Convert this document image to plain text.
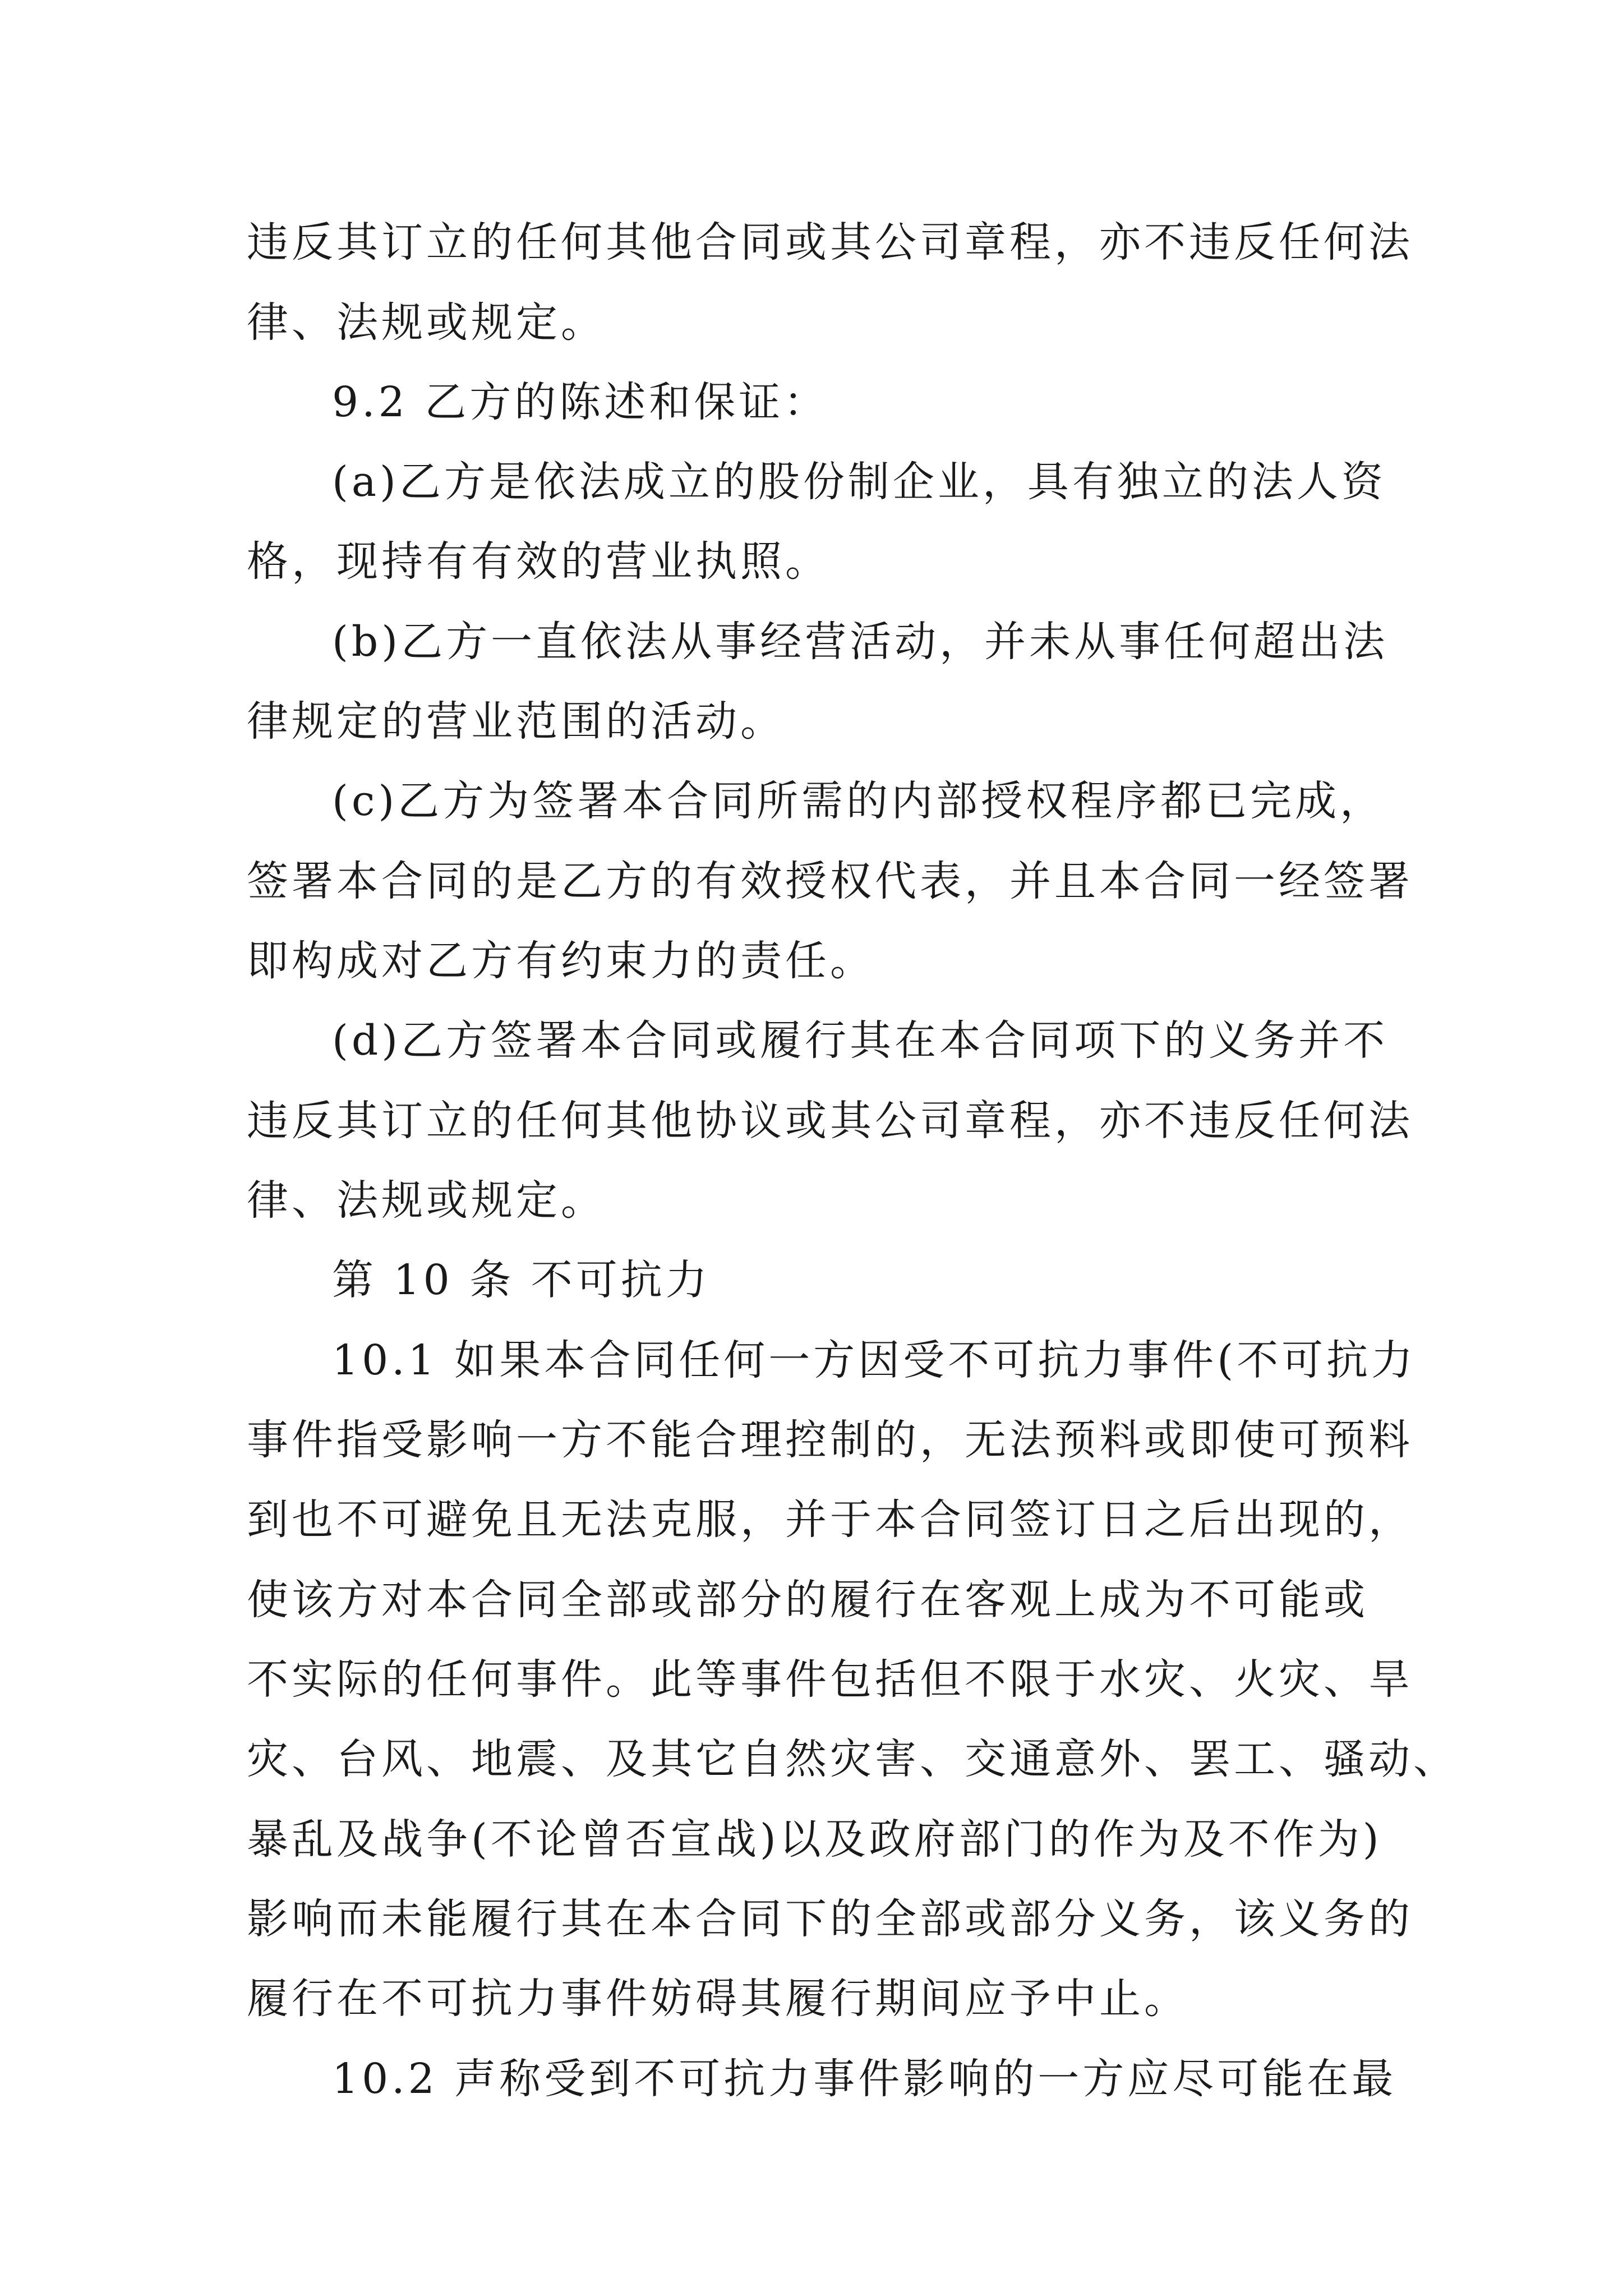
违反其订立的任何其他合同或其公司章程，亦不违反任何法
律、法规或规定。
9.2 乙方的陈述和保证：
(a)乙方是依法成立的股份制企业，具有独立的法人资
格，现持有有效的营业执照。
(b)乙方一直依法从事经营活动，并未从事任何超出法
律规定的营业范围的活动。
(c)乙方为签署本合同所需的内部授权程序都已完成，
签署本合同的是乙方的有效授权代表，并且本合同一经签署
即构成对乙方有约束力的责任。
(d)乙方签署本合同或履行其在本合同项下的义务并不
违反其订立的任何其他协议或其公司章程，亦不违反任何法
律、法规或规定。
第 10 条 不可抗力
10.1 如果本合同任何一方因受不可抗力事件(不可抗力
事件指受影响一方不能合理控制的，无法预料或即使可预料
到也不可避免且无法克服，并于本合同签订日之后出现的，
使该方对本合同全部或部分的履行在客观上成为不可能或
不实际的任何事件。此等事件包括但不限于水灾、火灾、旱
灾、台风、地震、及其它自然灾害、交通意外、罢工、骚动、
暴乱及战争(不论曾否宣战)以及政府部门的作为及不作为)
影响而未能履行其在本合同下的全部或部分义务，该义务的
履行在不可抗力事件妨碍其履行期间应予中止。
10.2 声称受到不可抗力事件影响的一方应尽可能在最
